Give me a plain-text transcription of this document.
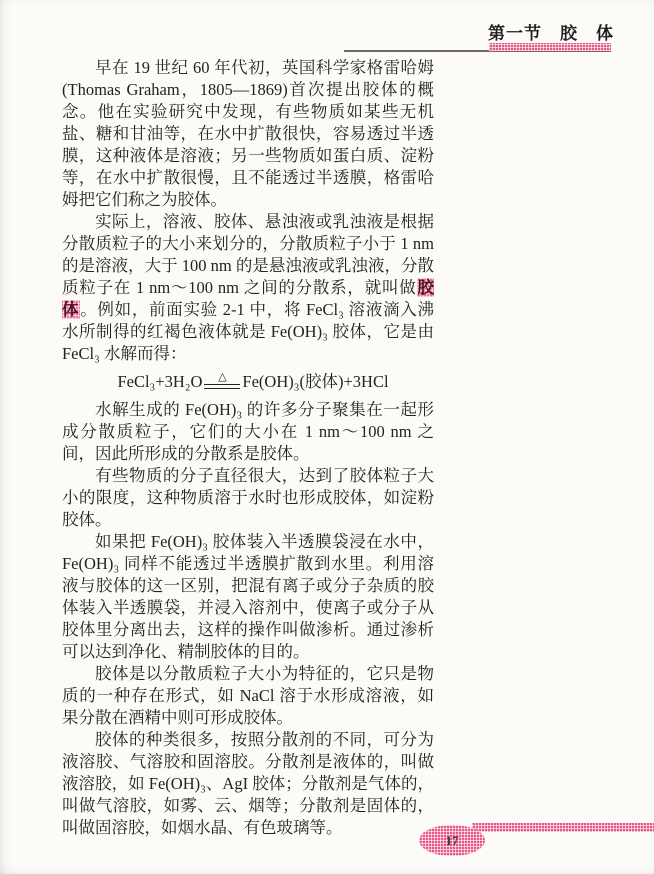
第一节　胶　体

早在 19 世纪 60 年代初，英国科学家格雷哈姆(Thomas Graham，1805—1869)首次提出胶体的概念。他在实验研究中发现，有些物质如某些无机盐、糖和甘油等，在水中扩散很快，容易透过半透膜，这种液体是溶液；另一些物质如蛋白质、淀粉等，在水中扩散很慢，且不能透过半透膜，格雷哈姆把它们称之为胶体。

实际上，溶液、胶体、悬浊液或乳浊液是根据分散质粒子的大小来划分的，分散质粒子小于 1 nm 的是溶液，大于 100 nm 的是悬浊液或乳浊液，分散质粒子在 1 nm～100 nm 之间的分散系，就叫做胶体。例如，前面实验 2-1 中，将 FeCl₃ 溶液滴入沸水所制得的红褐色液体就是 Fe(OH)₃ 胶体，它是由 FeCl₃ 水解而得：

FeCl₃+3H₂O △ Fe(OH)₃(胶体)+3HCl

水解生成的 Fe(OH)₃ 的许多分子聚集在一起形成分散质粒子，它们的大小在 1 nm～100 nm 之间，因此所形成的分散系是胶体。

有些物质的分子直径很大，达到了胶体粒子大小的限度，这种物质溶于水时也形成胶体，如淀粉胶体。

如果把 Fe(OH)₃ 胶体装入半透膜袋浸在水中，Fe(OH)₃ 同样不能透过半透膜扩散到水里。利用溶液与胶体的这一区别，把混有离子或分子杂质的胶体装入半透膜袋，并浸入溶剂中，使离子或分子从胶体里分离出去，这样的操作叫做渗析。通过渗析可以达到净化、精制胶体的目的。

胶体是以分散质粒子大小为特征的，它只是物质的一种存在形式，如 NaCl 溶于水形成溶液，如果分散在酒精中则可形成胶体。

胶体的种类很多，按照分散剂的不同，可分为液溶胶、气溶胶和固溶胶。分散剂是液体的，叫做液溶胶，如 Fe(OH)₃、AgI 胶体；分散剂是气体的，叫做气溶胶，如雾、云、烟等；分散剂是固体的，叫做固溶胶，如烟水晶、有色玻璃等。

17
